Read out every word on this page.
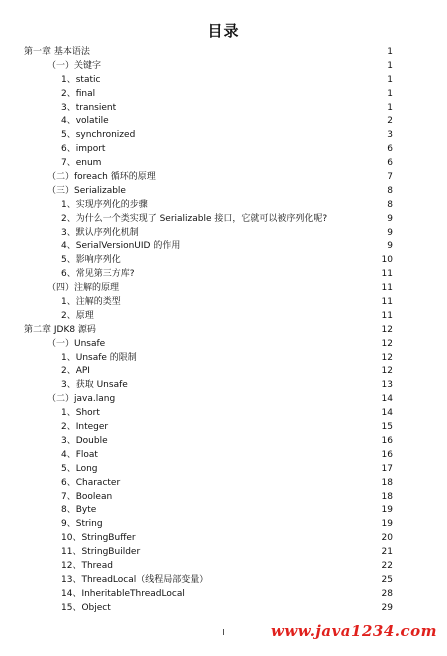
目录
第一章 基本语法	1
（一）关键字	1
1、static	1
2、final	1
3、transient	1
4、volatile	2
5、synchronized	3
6、import	6
7、enum	6
（二）foreach 循环的原理	7
（三）Serializable	8
1、实现序列化的步骤	8
2、为什么一个类实现了 Serializable 接口，它就可以被序列化呢?	9
3、默认序列化机制	9
4、SerialVersionUID 的作用	9
5、影响序列化	10
6、常见第三方库?	11
（四）注解的原理	11
1、注解的类型	11
2、原理	11
第二章 JDK8 源码	12
（一）Unsafe	12
1、Unsafe 的限制	12
2、API	12
3、获取 Unsafe	13
（二）java.lang	14
1、Short	14
2、Integer	15
3、Double	16
4、Float	16
5、Long	17
6、Character	18
7、Boolean	18
8、Byte	19
9、String	19
10、StringBuffer	20
11、StringBuilder	21
12、Thread	22
13、ThreadLocal（线程局部变量）	25
14、InheritableThreadLocal	28
15、Object	29
I	www.java1234.com
